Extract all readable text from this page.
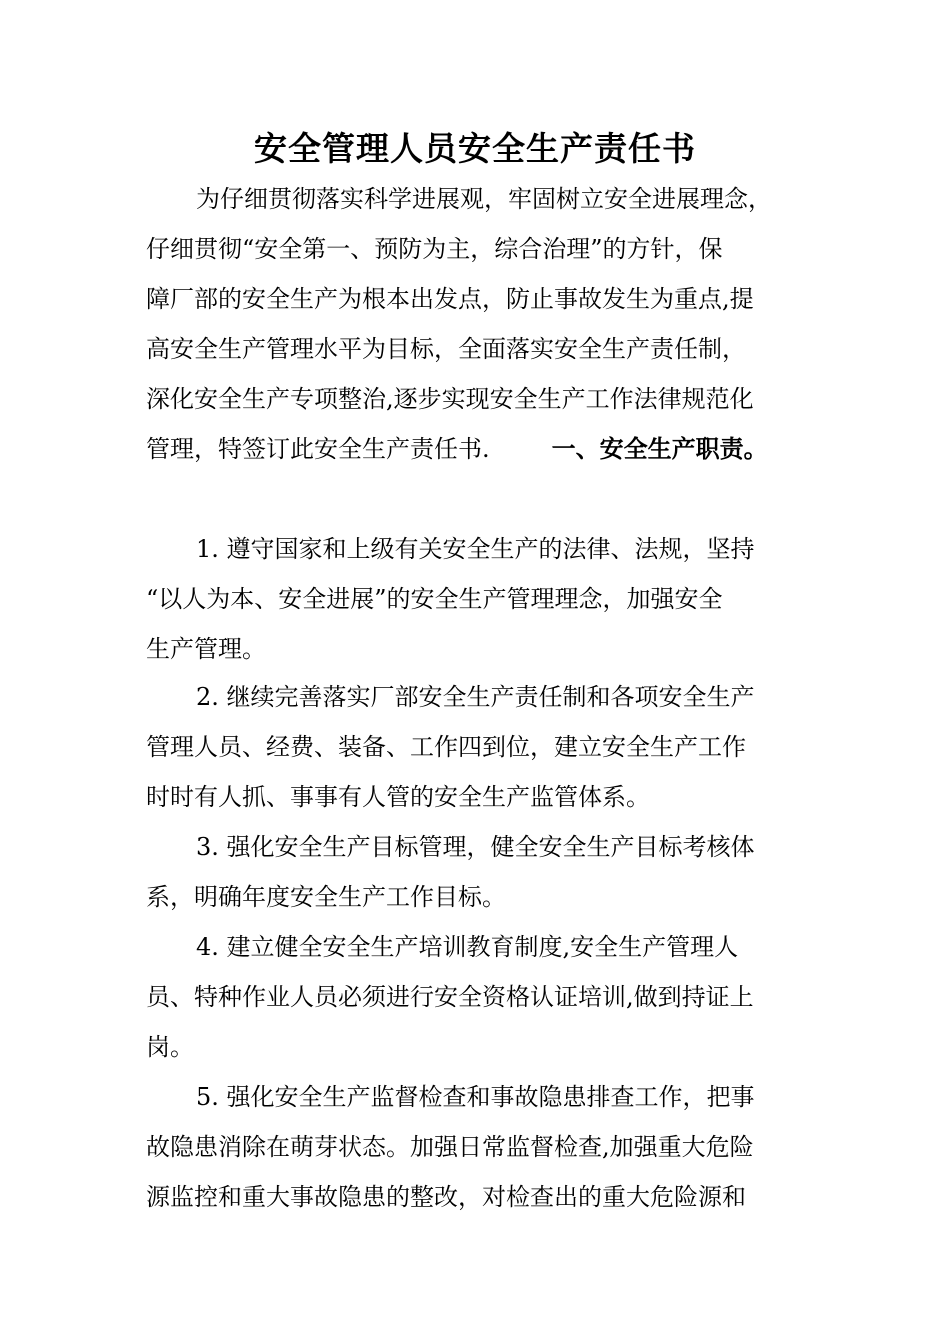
安全管理人员安全生产责任书
为仔细贯彻落实科学进展观，牢固树立安全进展理念，
仔细贯彻“安全第一、预防为主，综合治理”的方针，保
障厂部的安全生产为根本出发点，防止事故发生为重点,提
高安全生产管理水平为目标，全面落实安全生产责任制，
深化安全生产专项整治,逐步实现安全生产工作法律规范化
管理，特签订此安全生产责任书.	一、安全生产职责。
1. 遵守国家和上级有关安全生产的法律、法规，坚持
“以人为本、安全进展”的安全生产管理理念，加强安全
生产管理。
2. 继续完善落实厂部安全生产责任制和各项安全生产
管理人员、经费、装备、工作四到位，建立安全生产工作
时时有人抓、事事有人管的安全生产监管体系。
3. 强化安全生产目标管理，健全安全生产目标考核体
系，明确年度安全生产工作目标。
4. 建立健全安全生产培训教育制度,安全生产管理人
员、特种作业人员必须进行安全资格认证培训,做到持证上
岗。
5. 强化安全生产监督检查和事故隐患排查工作，把事
故隐患消除在萌芽状态。加强日常监督检查,加强重大危险
源监控和重大事故隐患的整改，对检查出的重大危险源和
